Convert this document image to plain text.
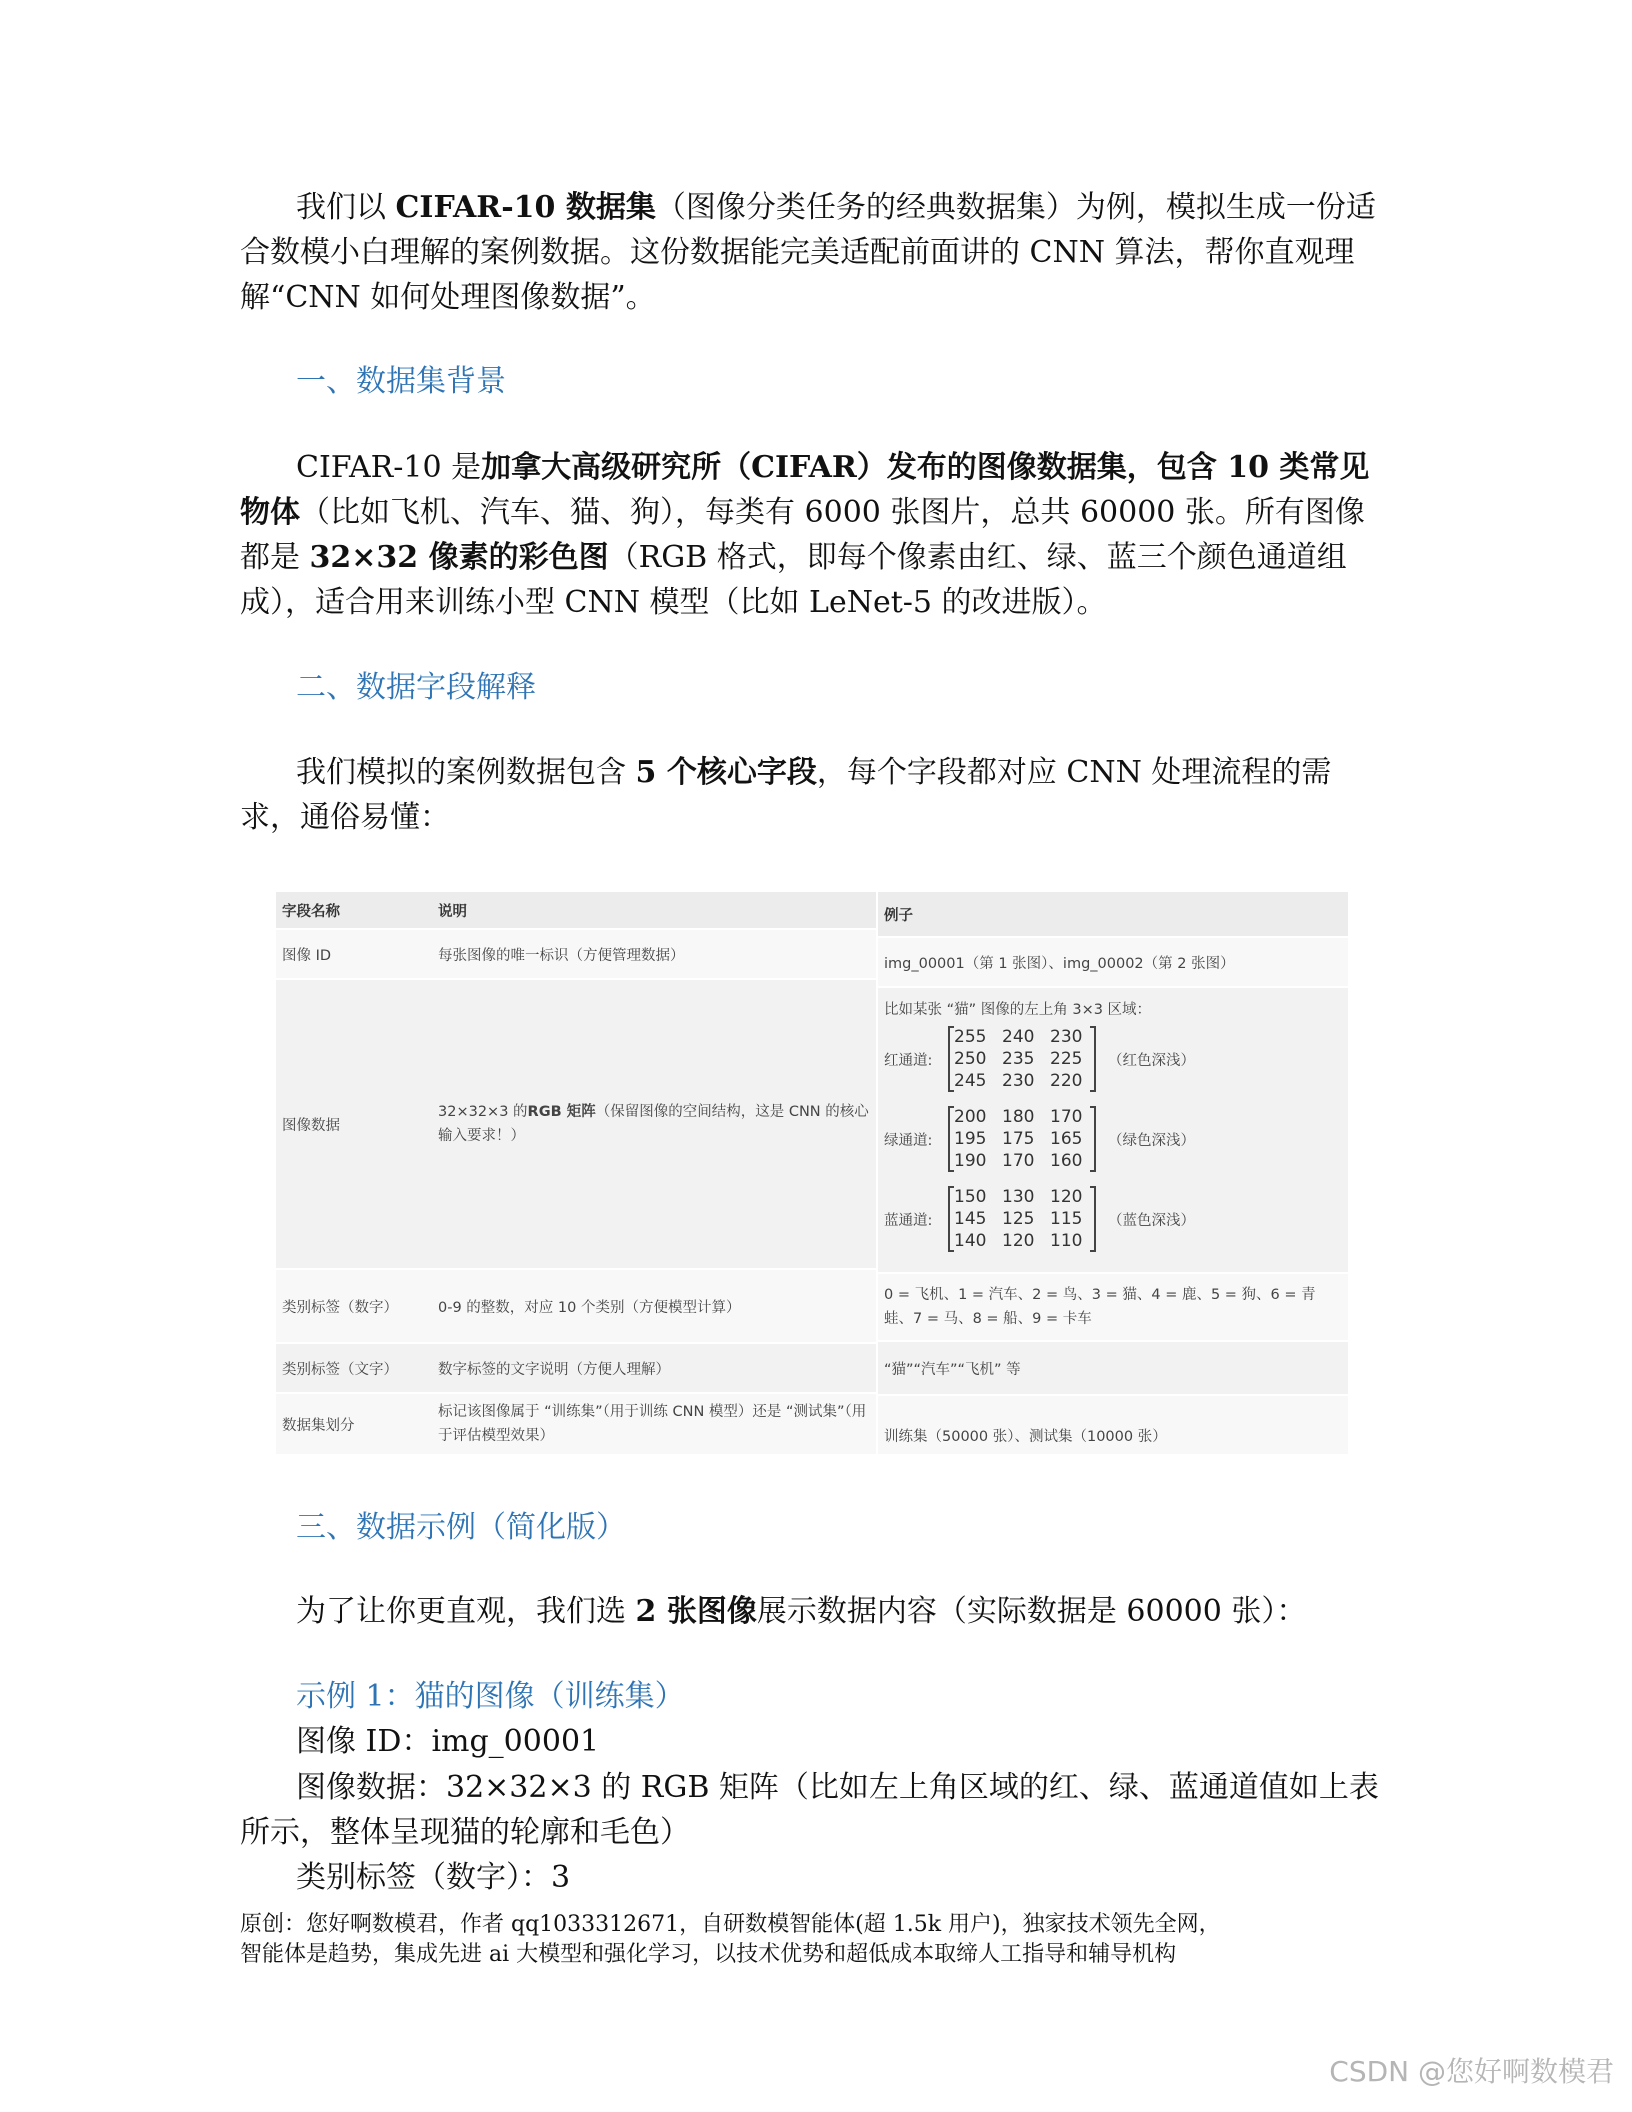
我们以 CIFAR-10 数据集（图像分类任务的经典数据集）为例，模拟生成一份适合数模小白理解的案例数据。这份数据能完美适配前面讲的 CNN 算法，帮你直观理解“CNN 如何处理图像数据”。

一、数据集背景

CIFAR-10 是加拿大高级研究所（CIFAR）发布的图像数据集，包含 10 类常见物体（比如飞机、汽车、猫、狗），每类有 6000 张图片，总共 60000 张。所有图像都是 32×32 像素的彩色图（RGB 格式，即每个像素由红、绿、蓝三个颜色通道组成），适合用来训练小型 CNN 模型（比如 LeNet-5 的改进版）。

二、数据字段解释

我们模拟的案例数据包含 5 个核心字段，每个字段都对应 CNN 处理流程的需求，通俗易懂：

字段名称
图像 ID
图像数据
类别标签（数字）
类别标签（文字）
数据集划分
说明
每张图像的唯一标识（方便管理数据）
32×32×3 的RGB 矩阵（保留图像的空间结构，这是 CNN 的核心输入要求！）
0-9 的整数，对应 10 个类别（方便模型计算）
数字标签的文字说明（方便人理解）
标记该图像属于 “训练集”（用于训练 CNN 模型）还是 “测试集”（用于评估模型效果）
例子
img_00001（第 1 张图）、img_00002（第 2 张图）
比如某张 “猫” 图像的左上角 3×3 区域：
红通道:
255 240 230
250 235 225
245 230 220
（红色深浅）
绿通道:
200 180 170
195 175 165
190 170 160
（绿色深浅）
蓝通道:
150 130 120
145 125 115
140 120 110
（蓝色深浅）
0 = 飞机、1 = 汽车、2 = 鸟、3 = 猫、4 = 鹿、5 = 狗、6 = 青蛙、7 = 马、8 = 船、9 = 卡车
“猫”“汽车”“飞机” 等
训练集（50000 张）、测试集（10000 张）
三、数据示例（简化版）

为了让你更直观，我们选 2 张图像展示数据内容（实际数据是 60000 张）：

示例 1：猫的图像（训练集）

图像 ID：img_00001

图像数据：32×32×3 的 RGB 矩阵（比如左上角区域的红、绿、蓝通道值如上表所示，整体呈现猫的轮廓和毛色）

类别标签（数字）：3

原创：您好啊数模君，作者 qq1033312671，自研数模智能体(超 1.5k 用户)，独家技术领先全网，

智能体是趋势，集成先进 ai 大模型和强化学习，以技术优势和超低成本取缔人工指导和辅导机构

CSDN @您好啊数模君
